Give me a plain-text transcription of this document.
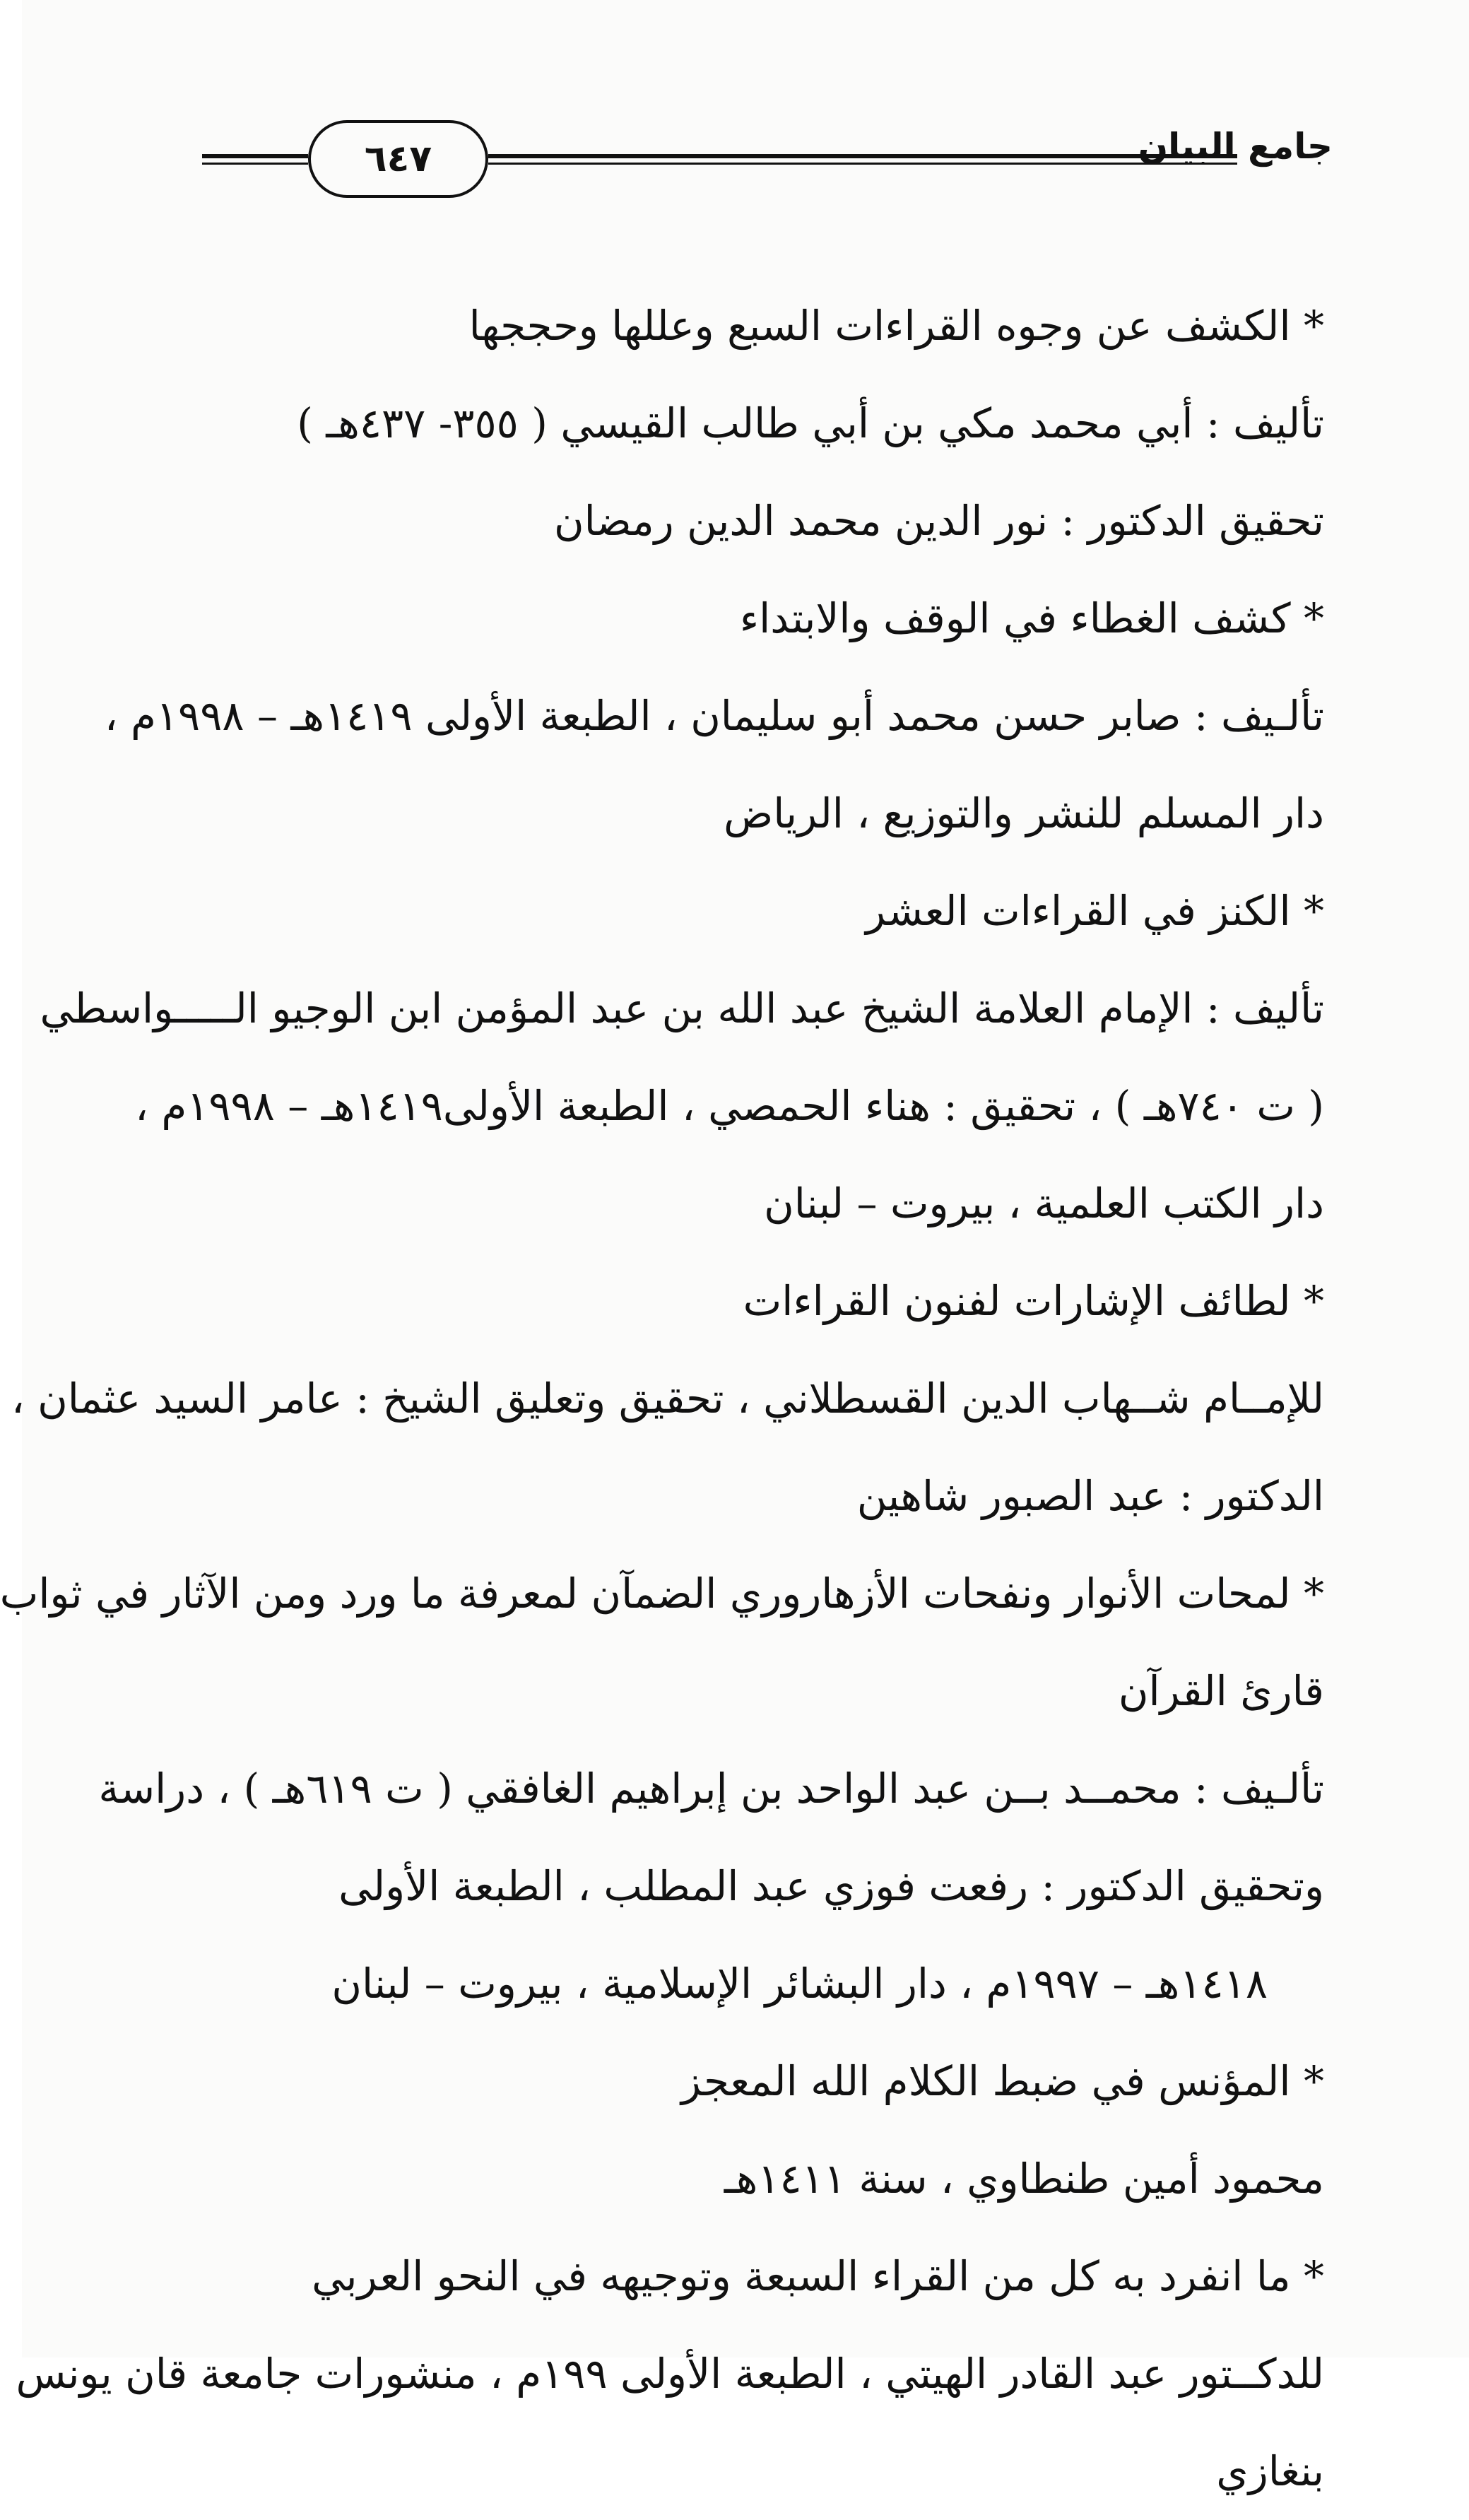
٦٤٧	جامع البيان
* الكشف عن وجوه القراءات السبع وعللها وحججها
تأليف : أبي محمد مكي بن أبي طالب القيسي ( ٣٥٥- ٤٣٧هـ )
تحقيق الدكتور : نور الدين محمد الدين رمضان
* كشف الغطاء في الوقف والابتداء
تألـيف : صابر حسن محمد أبو سليمان ، الطبعة الأولى ١٤١٩هـ – ١٩٩٨م ،
دار المسلم للنشر والتوزيع ، الرياض
* الكنز في القراءات العشر
تأليف : الإمام العلامة الشيخ عبد الله بن عبد المؤمن ابن الوجيو الـــــواسطي
( ت ٧٤٠هـ ) ، تحقيق : هناء الحمصي ، الطبعة الأولى١٤١٩هـ – ١٩٩٨م ،
دار الكتب العلمية ، بيروت – لبنان
* لطائف الإشارات لفنون القراءات
للإمــام شــهاب الدين القسطلاني ، تحقيق وتعليق الشيخ : عامر السيد عثمان ،
الدكتور : عبد الصبور شاهين
* لمحات الأنوار ونفحات الأزهاروري الضمآن لمعرفة ما ورد ومن الآثار في ثواب
قارئ القرآن
تألـيف : محمــد بــن عبد الواحد بن إبراهيم الغافقي ( ت ٦١٩هـ ) ، دراسة
وتحقيق الدكتور : رفعت فوزي عبد المطلب ، الطبعة الأولى
١٤١٨هـ – ١٩٩٧م ، دار البشائر الإسلامية ، بيروت – لبنان
* المؤنس في ضبط الكلام الله المعجز
محمود أمين طنطاوي ، سنة ١٤١١هـ
* ما انفرد به كل من القراء السبعة وتوجيهه في النحو العربي
للدكــتور عبد القادر الهيتي ، الطبعة الأولى ١٩٩م ، منشورات جامعة قان يونس
بنغازي
